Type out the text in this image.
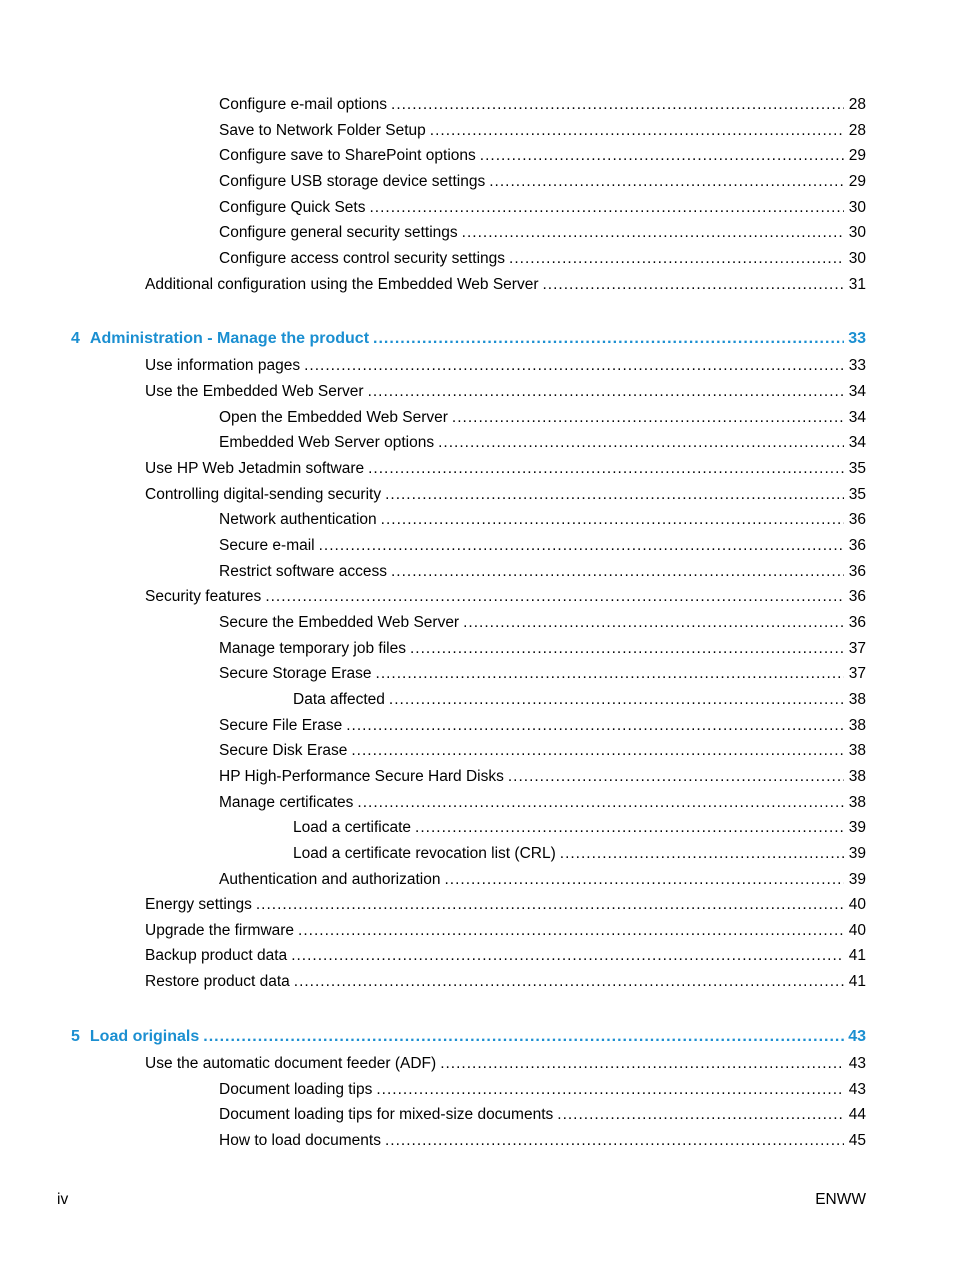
Configure e-mail options .....	28
Save to Network Folder Setup .....	28
Configure save to SharePoint options .....	29
Configure USB storage device settings .....	29
Configure Quick Sets .....	30
Configure general security settings .....	30
Configure access control security settings .....	30
Additional configuration using the Embedded Web Server .....	31
4 Administration - Manage the product .....	33
Use information pages .....	33
Use the Embedded Web Server .....	34
Open the Embedded Web Server .....	34
Embedded Web Server options .....	34
Use HP Web Jetadmin software .....	35
Controlling digital-sending security .....	35
Network authentication .....	36
Secure e-mail .....	36
Restrict software access .....	36
Security features .....	36
Secure the Embedded Web Server .....	36
Manage temporary job files .....	37
Secure Storage Erase .....	37
Data affected .....	38
Secure File Erase .....	38
Secure Disk Erase .....	38
HP High-Performance Secure Hard Disks .....	38
Manage certificates .....	38
Load a certificate .....	39
Load a certificate revocation list (CRL) .....	39
Authentication and authorization .....	39
Energy settings .....	40
Upgrade the firmware .....	40
Backup product data .....	41
Restore product data .....	41
5 Load originals .....	43
Use the automatic document feeder (ADF) .....	43
Document loading tips .....	43
Document loading tips for mixed-size documents .....	44
How to load documents .....	45
iv	ENWW
